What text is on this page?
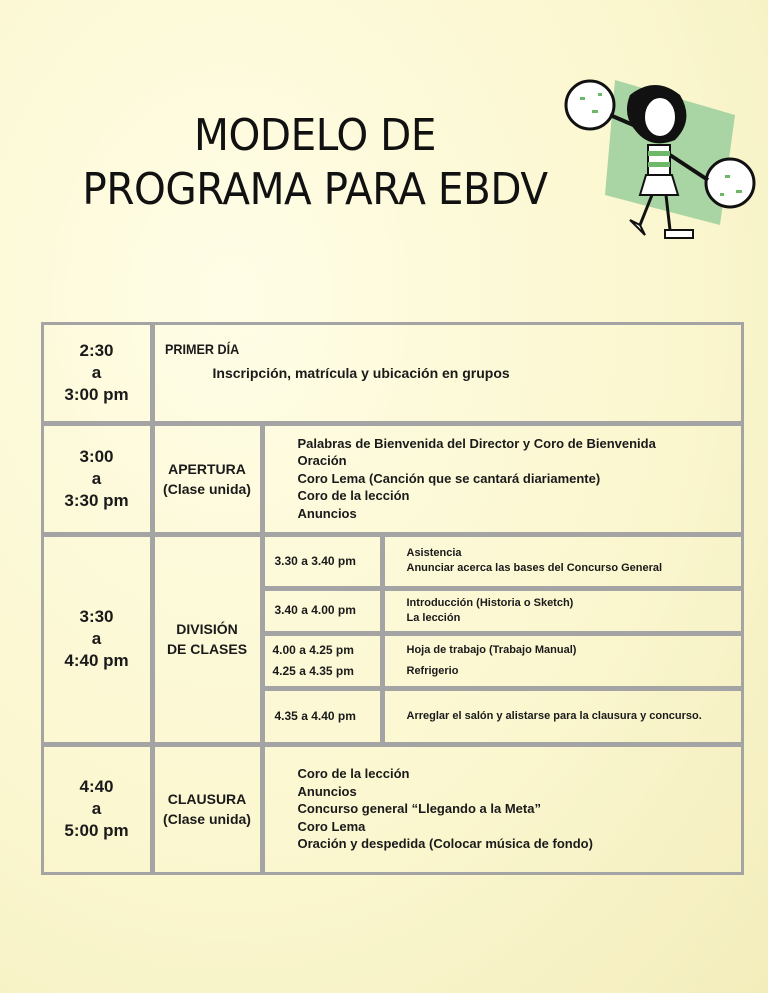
MODELO DE
PROGRAMA PARA EBDV
2:30
a
3:00 pm
PRIMER DÍA
Inscripción, matrícula y ubicación en grupos
3:00
a
3:30 pm
APERTURA
(Clase unida)
Palabras de Bienvenida del Director y Coro de Bienvenida
Oración
Coro Lema (Canción que se cantará diariamente)
Coro de la lección
Anuncios
3:30
a
4:40 pm
DIVISIÓN
DE CLASES
3.30 a 3.40 pm
Asistencia
Anunciar acerca las bases del Concurso General
3.40 a 4.00 pm
Introducción (Historia o Sketch)
La lección
4.00 a 4.25 pm
4.25 a 4.35 pm
Hoja de trabajo (Trabajo Manual)
Refrigerio
4.35 a 4.40 pm	Arreglar el salón y alistarse para la clausura y concurso.
4:40
a
5:00 pm
CLAUSURA
(Clase unida)
Coro de la lección
Anuncios
Concurso general “Llegando a la Meta”
Coro Lema
Oración y despedida (Colocar música de fondo)
